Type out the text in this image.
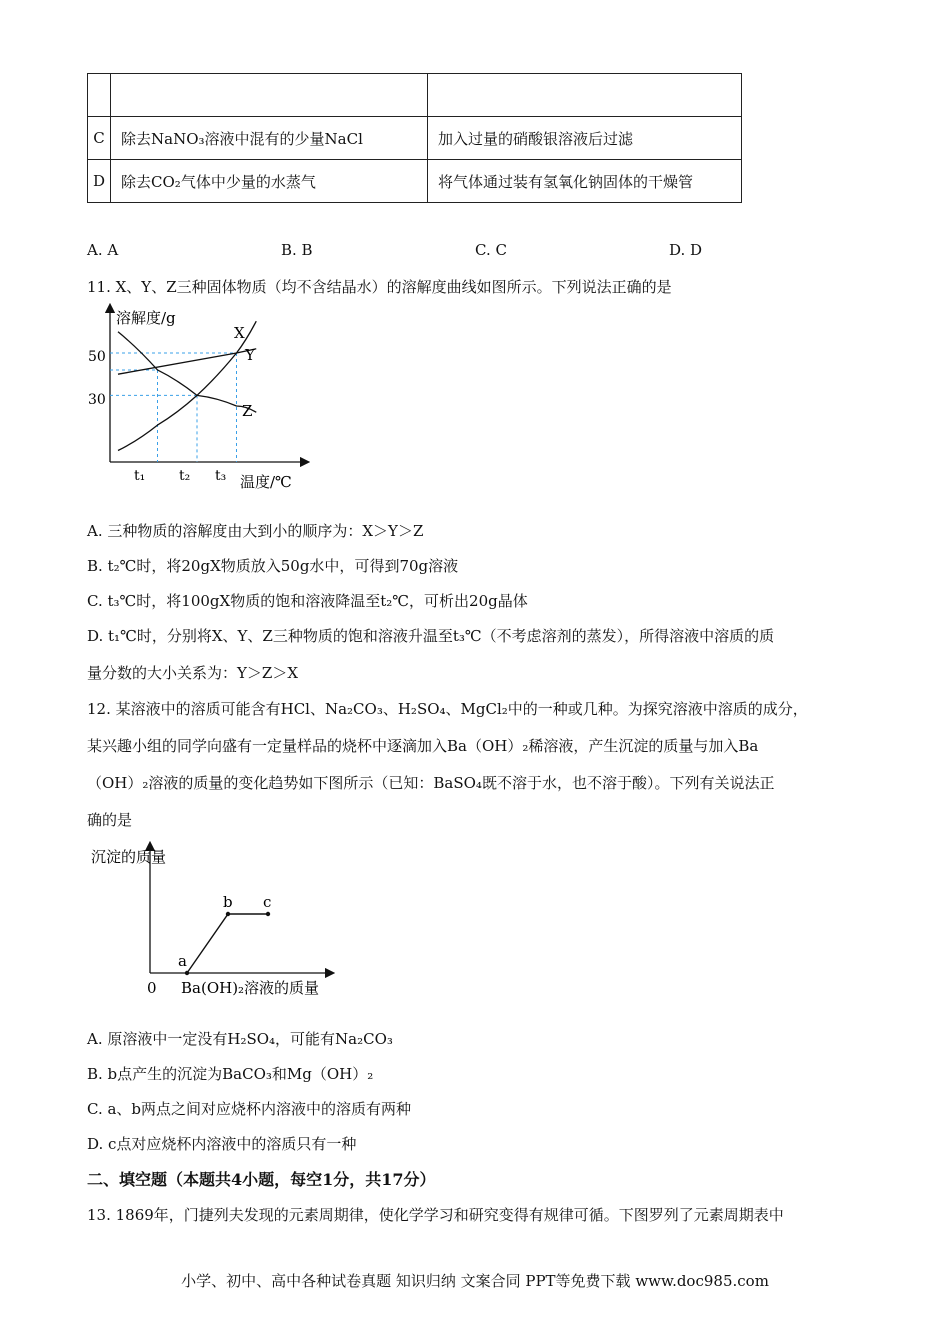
C	除去NaNO₃溶液中混有的少量NaCl	加入过量的硝酸银溶液后过滤
D	除去CO₂气体中少量的水蒸气	将气体通过装有氢氧化钠固体的干燥管
A. A	B. B	C. C	D. D
11. X、Y、Z三种固体物质（均不含结晶水）的溶解度曲线如图所示。下列说法正确的是
溶解度/g
温度/℃
50
30
t₁ t₂ t₃
X
Y
Z
A. 三种物质的溶解度由大到小的顺序为：X＞Y＞Z
B. t₂℃时，将20gX物质放入50g水中，可得到70g溶液
C. t₃℃时，将100gX物质的饱和溶液降温至t₂℃，可析出20g晶体
D. t₁℃时，分别将X、Y、Z三种物质的饱和溶液升温至t₃℃（不考虑溶剂的蒸发），所得溶液中溶质的质
量分数的大小关系为：Y＞Z＞X
12. 某溶液中的溶质可能含有HCl、Na₂CO₃、H₂SO₄、MgCl₂中的一种或几种。为探究溶液中溶质的成分，
某兴趣小组的同学向盛有一定量样品的烧杯中逐滴加入Ba（OH）₂稀溶液，产生沉淀的质量与加入Ba
（OH）₂溶液的质量的变化趋势如下图所示（已知：BaSO₄既不溶于水，也不溶于酸）。下列有关说法正
确的是
沉淀的质量
0 Ba(OH)₂溶液的质量
a
b c
A. 原溶液中一定没有H₂SO₄，可能有Na₂CO₃
B. b点产生的沉淀为BaCO₃和Mg（OH）₂
C. a、b两点之间对应烧杯内溶液中的溶质有两种
D. c点对应烧杯内溶液中的溶质只有一种
二、填空题（本题共4小题，每空1分，共17分）
13. 1869年，门捷列夫发现的元素周期律，使化学学习和研究变得有规律可循。下图罗列了元素周期表中
小学、初中、高中各种试卷真题 知识归纳 文案合同 PPT等免费下载 www.doc985.com
